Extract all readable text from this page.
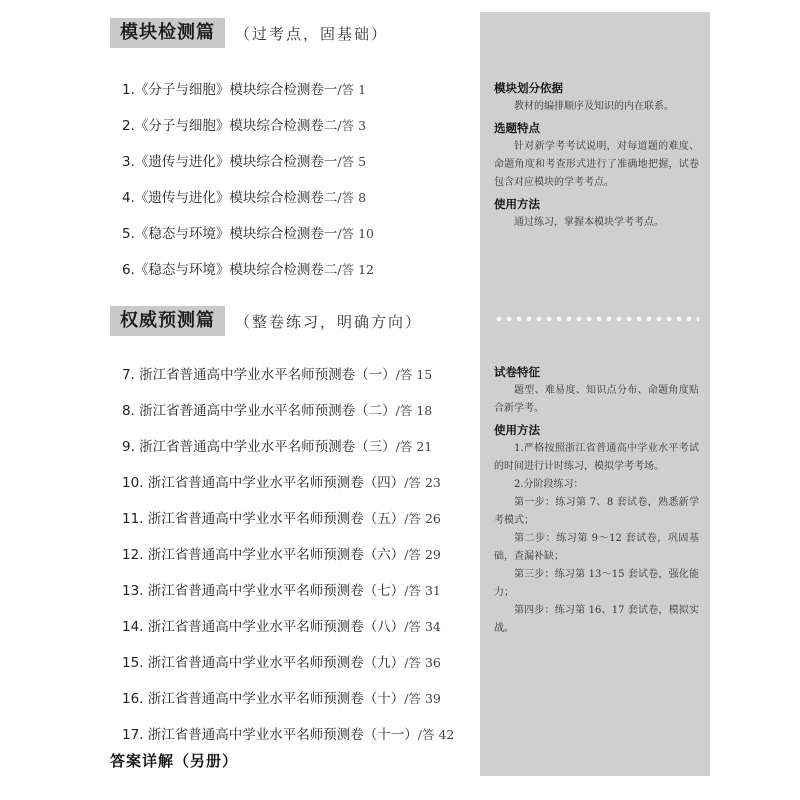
模块检测篇	（过考点，固基础）
1.《分子与细胞》模块综合检测卷一/答 1
2.《分子与细胞》模块综合检测卷二/答 3
3.《遗传与进化》模块综合检测卷一/答 5
4.《遗传与进化》模块综合检测卷二/答 8
5.《稳态与环境》模块综合检测卷一/答 10
6.《稳态与环境》模块综合检测卷二/答 12
权威预测篇	（整卷练习，明确方向）
7. 浙江省普通高中学业水平名师预测卷（一）/答 15
8. 浙江省普通高中学业水平名师预测卷（二）/答 18
9. 浙江省普通高中学业水平名师预测卷（三）/答 21
10. 浙江省普通高中学业水平名师预测卷（四）/答 23
11. 浙江省普通高中学业水平名师预测卷（五）/答 26
12. 浙江省普通高中学业水平名师预测卷（六）/答 29
13. 浙江省普通高中学业水平名师预测卷（七）/答 31
14. 浙江省普通高中学业水平名师预测卷（八）/答 34
15. 浙江省普通高中学业水平名师预测卷（九）/答 36
16. 浙江省普通高中学业水平名师预测卷（十）/答 39
17. 浙江省普通高中学业水平名师预测卷（十一）/答 42
答案详解（另册）
模块划分依据

教材的编排顺序及知识的内在联系。

选题特点

针对新学考考试说明，对每道题的难度、命题角度和考查形式进行了准确地把握，试卷包含对应模块的学考考点。

使用方法

通过练习，掌握本模块学考考点。

试卷特征

题型、难易度、知识点分布、命题角度贴合新学考。

使用方法

1.严格按照浙江省普通高中学业水平考试的时间进行计时练习，模拟学考考场。

2.分阶段练习：

第一步：练习第 7、8 套试卷，熟悉新学考模式；

第二步：练习第 9～12 套试卷，巩固基础，查漏补缺；

第三步：练习第 13～15 套试卷，强化能力；

第四步：练习第 16、17 套试卷，模拟实战。
